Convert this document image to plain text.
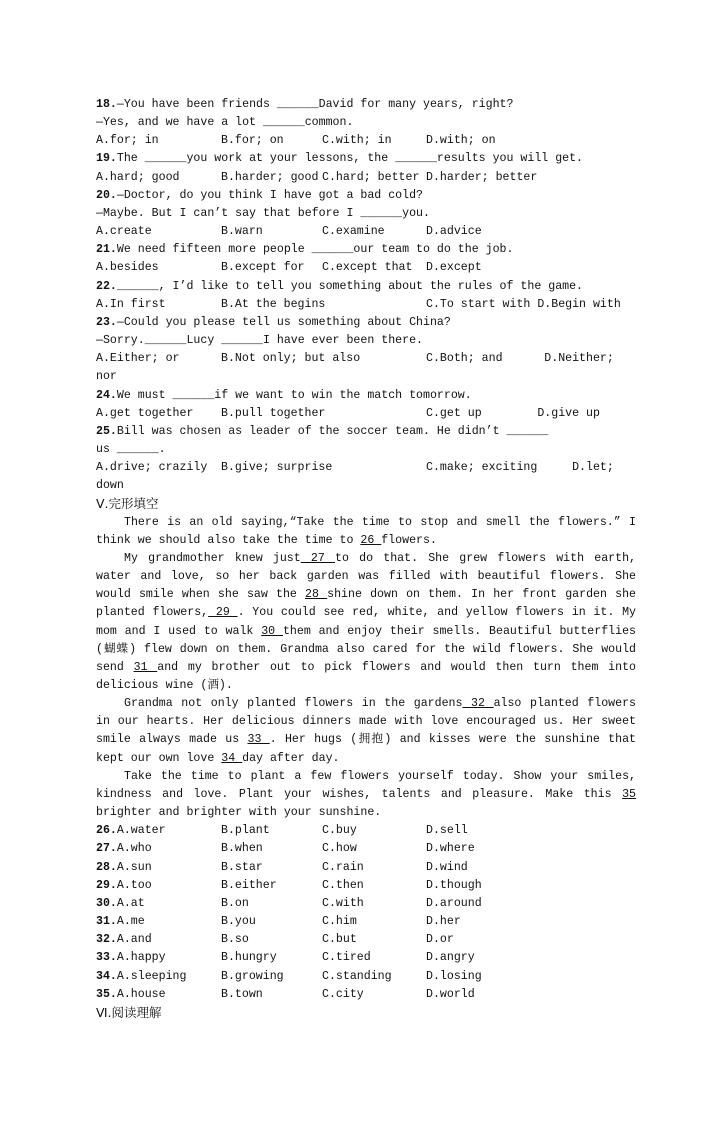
18.—You have been friends ______David for many years, right?
—Yes, and we have a lot ______common.
A.for; in	B.for; on	C.with; in	D.with; on
19.The ______you work at your lessons, the ______results you will get.
A.hard; good	B.harder; good C.hard; better D.harder; better
20.—Doctor, do you think I have got a bad cold?
—Maybe. But I can’t say that before I ______you.
A.create	B.warn	C.examine	D.advice
21.We need fifteen more people ______our team to do the job.
A.besides	B.except for	C.except that	D.except
22.______, I’d like to tell you something about the rules of the game.
A.In first	B.At the begins	C.To start with D.Begin with
23.—Could you please tell us something about China?
—Sorry.______Lucy ______I have ever been there.
A.Either; or	B.Not only; but also	C.Both; and      D.Neither;
nor
24.We must ______if we want to win the match tomorrow.
A.get together	B.pull together	C.get up        D.give up
25.Bill was chosen as leader of the soccer team. He didn’t ______
us ______.
A.drive; crazily	B.give; surprise	C.make; exciting     D.let;
down
Ⅴ.完形填空
There is an old saying,“Take the time to stop and smell the flowers.” I think we should also take the time to 26 flowers.
My grandmother knew just 27 to do that. She grew flowers with earth, water and love, so her back garden was filled with beautiful flowers. She would smile when she saw the 28 shine down on them. In her front garden she planted flowers, 29 . You could see red, white, and yellow flowers in it. My mom and I used to walk 30 them and enjoy their smells. Beautiful butterflies (蝴蝶) flew down on them. Grandma also cared for the wild flowers. She would send 31 and my brother out to pick flowers and would then turn them into delicious wine (酒).
Grandma not only planted flowers in the gardens 32 also planted flowers in our hearts. Her delicious dinners made with love encouraged us. Her sweet smile always made us 33 . Her hugs (拥抱) and kisses were the sunshine that kept our own love 34 day after day.
Take the time to plant a few flowers yourself today. Show your smiles, kindness and love. Plant your wishes, talents and pleasure. Make this 35 brighter and brighter with your sunshine.
26.A.water	B.plant	C.buy	D.sell
27.A.who	B.when	C.how	D.where
28.A.sun	B.star	C.rain	D.wind
29.A.too	B.either	C.then	D.though
30.A.at	B.on	C.with	D.around
31.A.me	B.you	C.him	D.her
32.A.and	B.so	C.but	D.or
33.A.happy	B.hungry	C.tired	D.angry
34.A.sleeping	B.growing	C.standing	D.losing
35.A.house	B.town	C.city	D.world
Ⅵ.阅读理解
